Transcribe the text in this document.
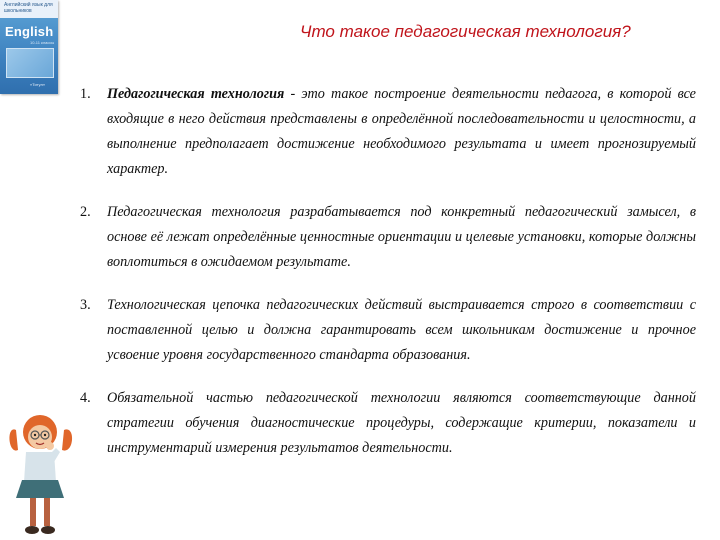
Английский язык для школьников
English
10-11 классы
«Титул»
Что такое педагогическая технология?
1. Педагогическая технология - это такое построение деятельности педагога, в которой все входящие в него действия представлены в определённой последовательности и целостности, а выполнение предполагает достижение необходимого результата и имеет прогнозируемый характер.
2. Педагогическая технология разрабатывается под конкретный педагогический замысел, в основе её лежат определённые ценностные ориентации и целевые установки, которые должны воплотиться в ожидаемом результате.
3. Технологическая цепочка педагогических действий выстраивается строго в соответствии с поставленной целью и должна гарантировать всем школьникам достижение и прочное усвоение уровня государственного стандарта образования.
4. Обязательной частью педагогической технологии являются соответствующие данной стратегии обучения диагностические процедуры, содержащие критерии, показатели и инструментарий измерения результатов деятельности.
